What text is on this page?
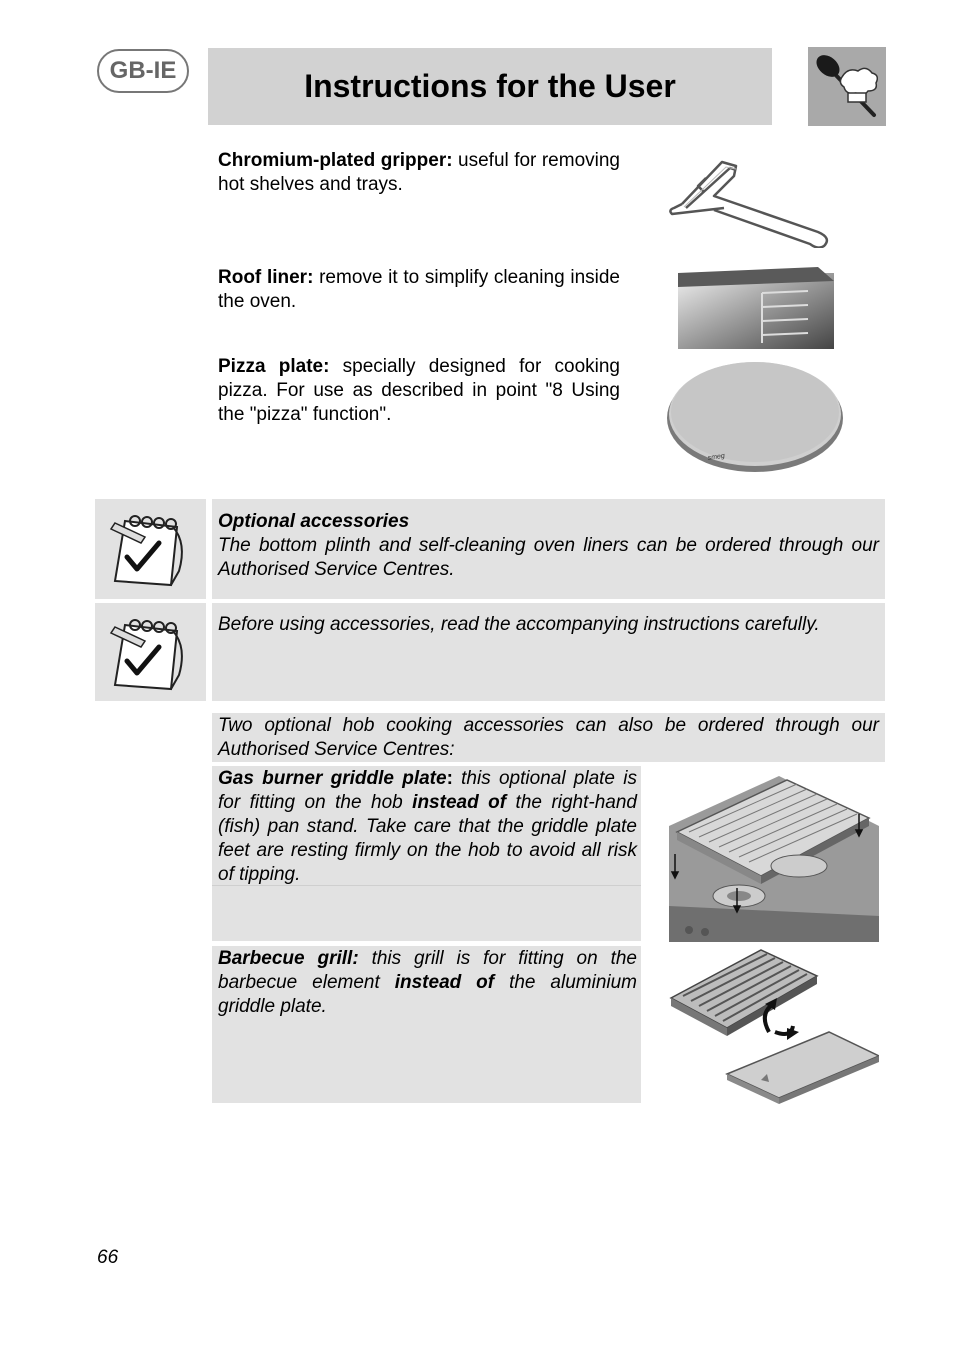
GB-IE	Instructions for the User
Chromium-plated gripper: useful for removing hot shelves and trays.
Roof liner: remove it to simplify cleaning inside the oven.
Pizza plate: specially designed for cooking pizza. For use as described in point "8 Using the "pizza" function".
smeg
Optional accessories
The bottom plinth and self-cleaning oven liners can be ordered through our Authorised Service Centres.
Before using accessories, read the accompanying instructions carefully.
Two optional hob cooking accessories can also be ordered through our Authorised Service Centres:
Gas burner griddle plate: this optional plate is for fitting on the hob instead of the right-hand (fish) pan stand. Take care that the griddle plate feet are resting firmly on the hob to avoid all risk of tipping.
Barbecue grill: this grill is for fitting on the barbecue element instead of the aluminium griddle plate.
66
